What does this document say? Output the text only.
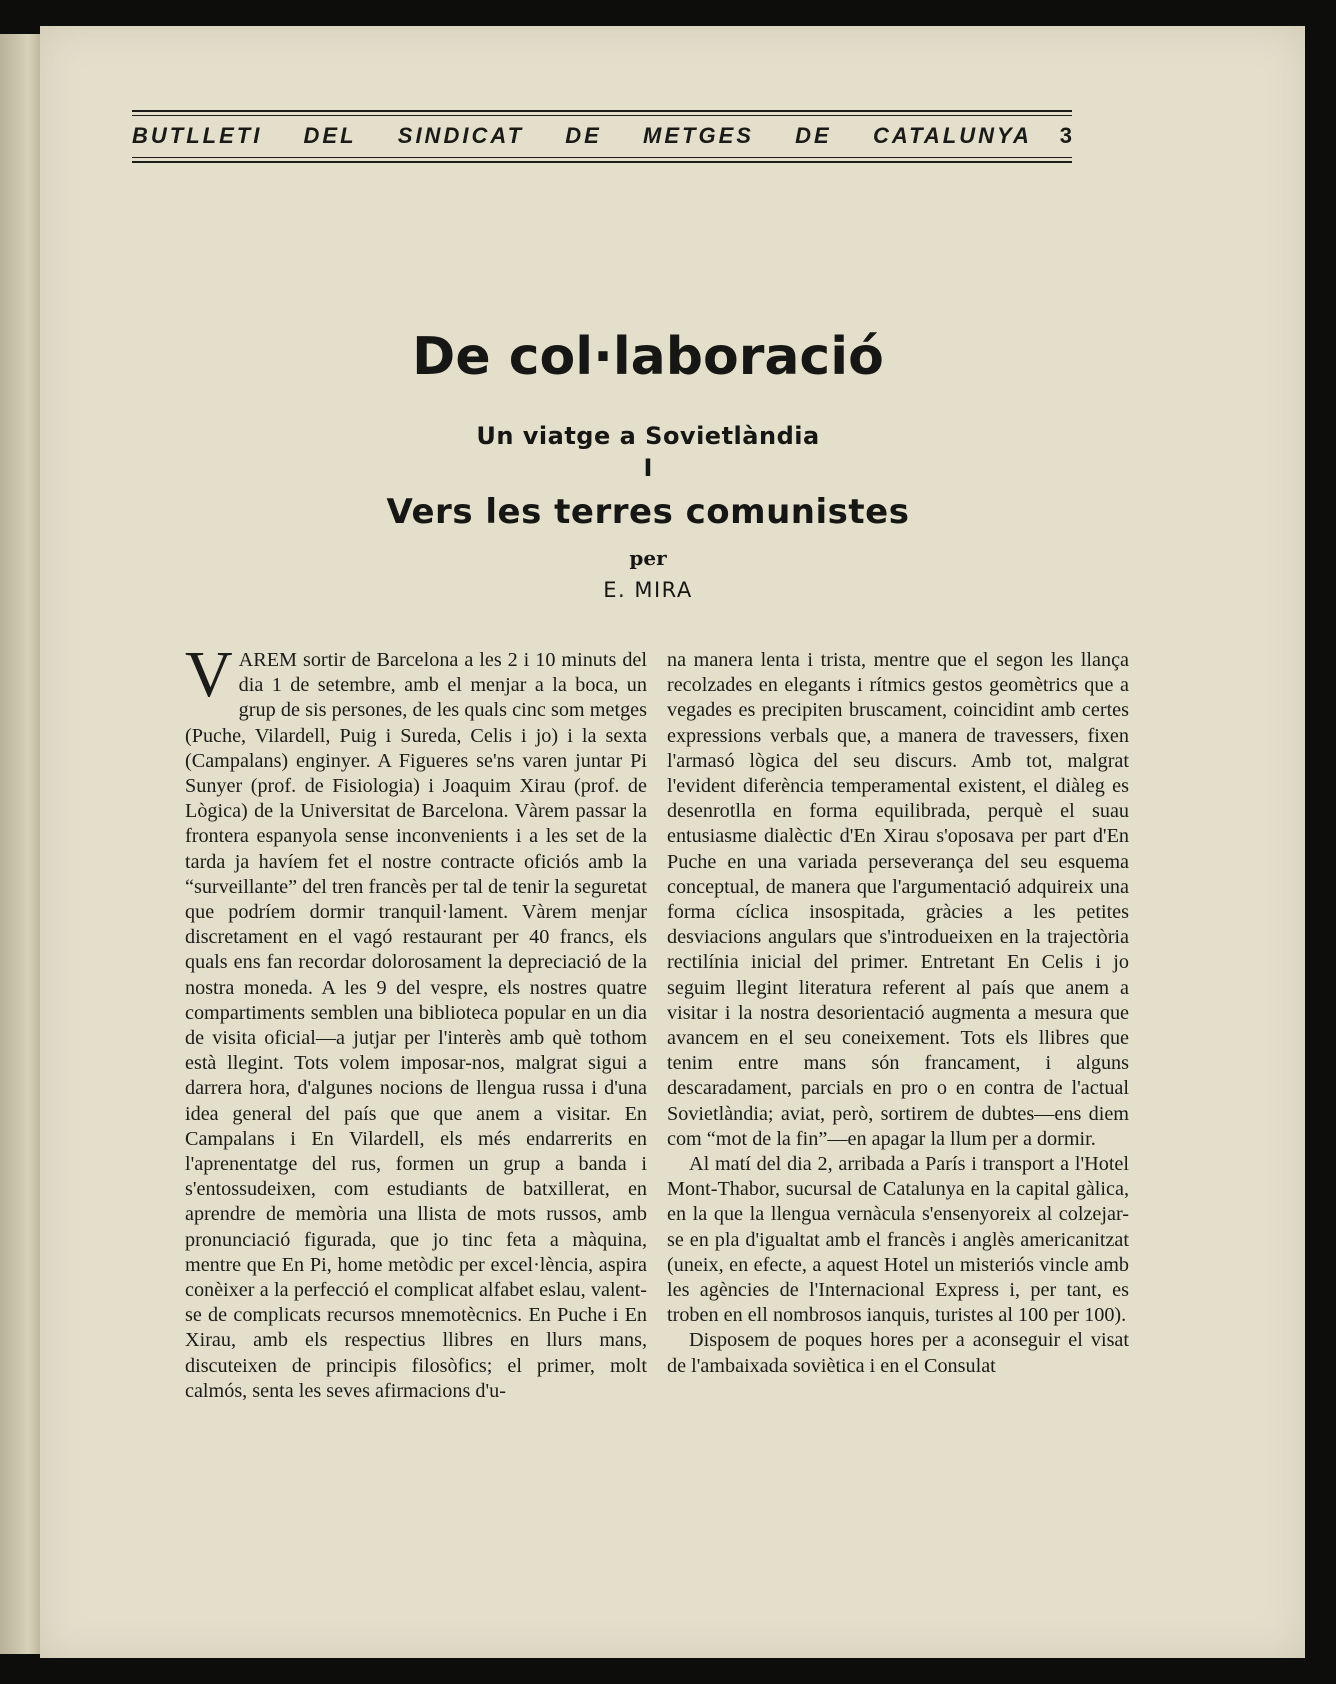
BUTLLETI DEL SINDICAT DE METGES DE CATALUNYA 3
De col·laboració
Un viatge a Sovietlàndia
I
Vers les terres comunistes
per
E. MIRA

VAREM sortir de Barcelona a les 2 i 10 minuts del dia 1 de setembre, amb el menjar a la boca, un grup de sis persones, de les quals cinc som metges (Puche, Vilardell, Puig i Sureda, Celis i jo) i la sexta (Campalans) enginyer. A Figueres se'ns varen juntar Pi Sunyer (prof. de Fisiologia) i Joaquim Xirau (prof. de Lògica) de la Universitat de Barcelona. Vàrem passar la frontera espanyola sense inconvenients i a les set de la tarda ja havíem fet el nostre contracte oficiós amb la “surveillante” del tren francès per tal de tenir la seguretat que podríem dormir tranquil·lament. Vàrem menjar discretament en el vagó restaurant per 40 francs, els quals ens fan recordar dolorosament la depreciació de la nostra moneda. A les 9 del vespre, els nostres quatre compartiments semblen una biblioteca popular en un dia de visita oficial—a jutjar per l'interès amb què tothom està llegint. Tots volem imposar-nos, malgrat sigui a darrera hora, d'algunes nocions de llengua russa i d'una idea general del país que que anem a visitar. En Campalans i En Vilardell, els més endarrerits en l'aprenentatge del rus, formen un grup a banda i s'entossudeixen, com estudiants de batxillerat, en aprendre de memòria una llista de mots russos, amb pronunciació figurada, que jo tinc feta a màquina, mentre que En Pi, home metòdic per excel·lència, aspira conèixer a la perfecció el complicat alfabet eslau, valent-se de complicats recursos mnemotècnics. En Puche i En Xirau, amb els respectius llibres en llurs mans, discuteixen de principis filosòfics; el primer, molt calmós, senta les seves afirmacions d'u-

na manera lenta i trista, mentre que el segon les llança recolzades en elegants i rítmics gestos geomètrics que a vegades es precipiten bruscament, coincidint amb certes expressions verbals que, a manera de travessers, fixen l'armasó lògica del seu discurs. Amb tot, malgrat l'evident diferència temperamental existent, el diàleg es desenrotlla en forma equilibrada, perquè el suau entusiasme dialèctic d'En Xirau s'oposava per part d'En Puche en una variada perseverança del seu esquema conceptual, de manera que l'argumentació adquireix una forma cíclica insospitada, gràcies a les petites desviacions angulars que s'introdueixen en la trajectòria rectilínia inicial del primer. Entretant En Celis i jo seguim llegint literatura referent al país que anem a visitar i la nostra desorientació augmenta a mesura que avancem en el seu coneixement. Tots els llibres que tenim entre mans són francament, i alguns descaradament, parcials en pro o en contra de l'actual Sovietlàndia; aviat, però, sortirem de dubtes—ens diem com “mot de la fin”—en apagar la llum per a dormir.

Al matí del dia 2, arribada a París i transport a l'Hotel Mont-Thabor, sucursal de Catalunya en la capital gàlica, en la que la llengua vernàcula s'ensenyoreix al colzejar-se en pla d'igualtat amb el francès i anglès americanitzat (uneix, en efecte, a aquest Hotel un misteriós vincle amb les agències de l'Internacional Express i, per tant, es troben en ell nombrosos ianquis, turistes al 100 per 100).

Disposem de poques hores per a aconseguir el visat de l'ambaixada soviètica i en el Consulat
